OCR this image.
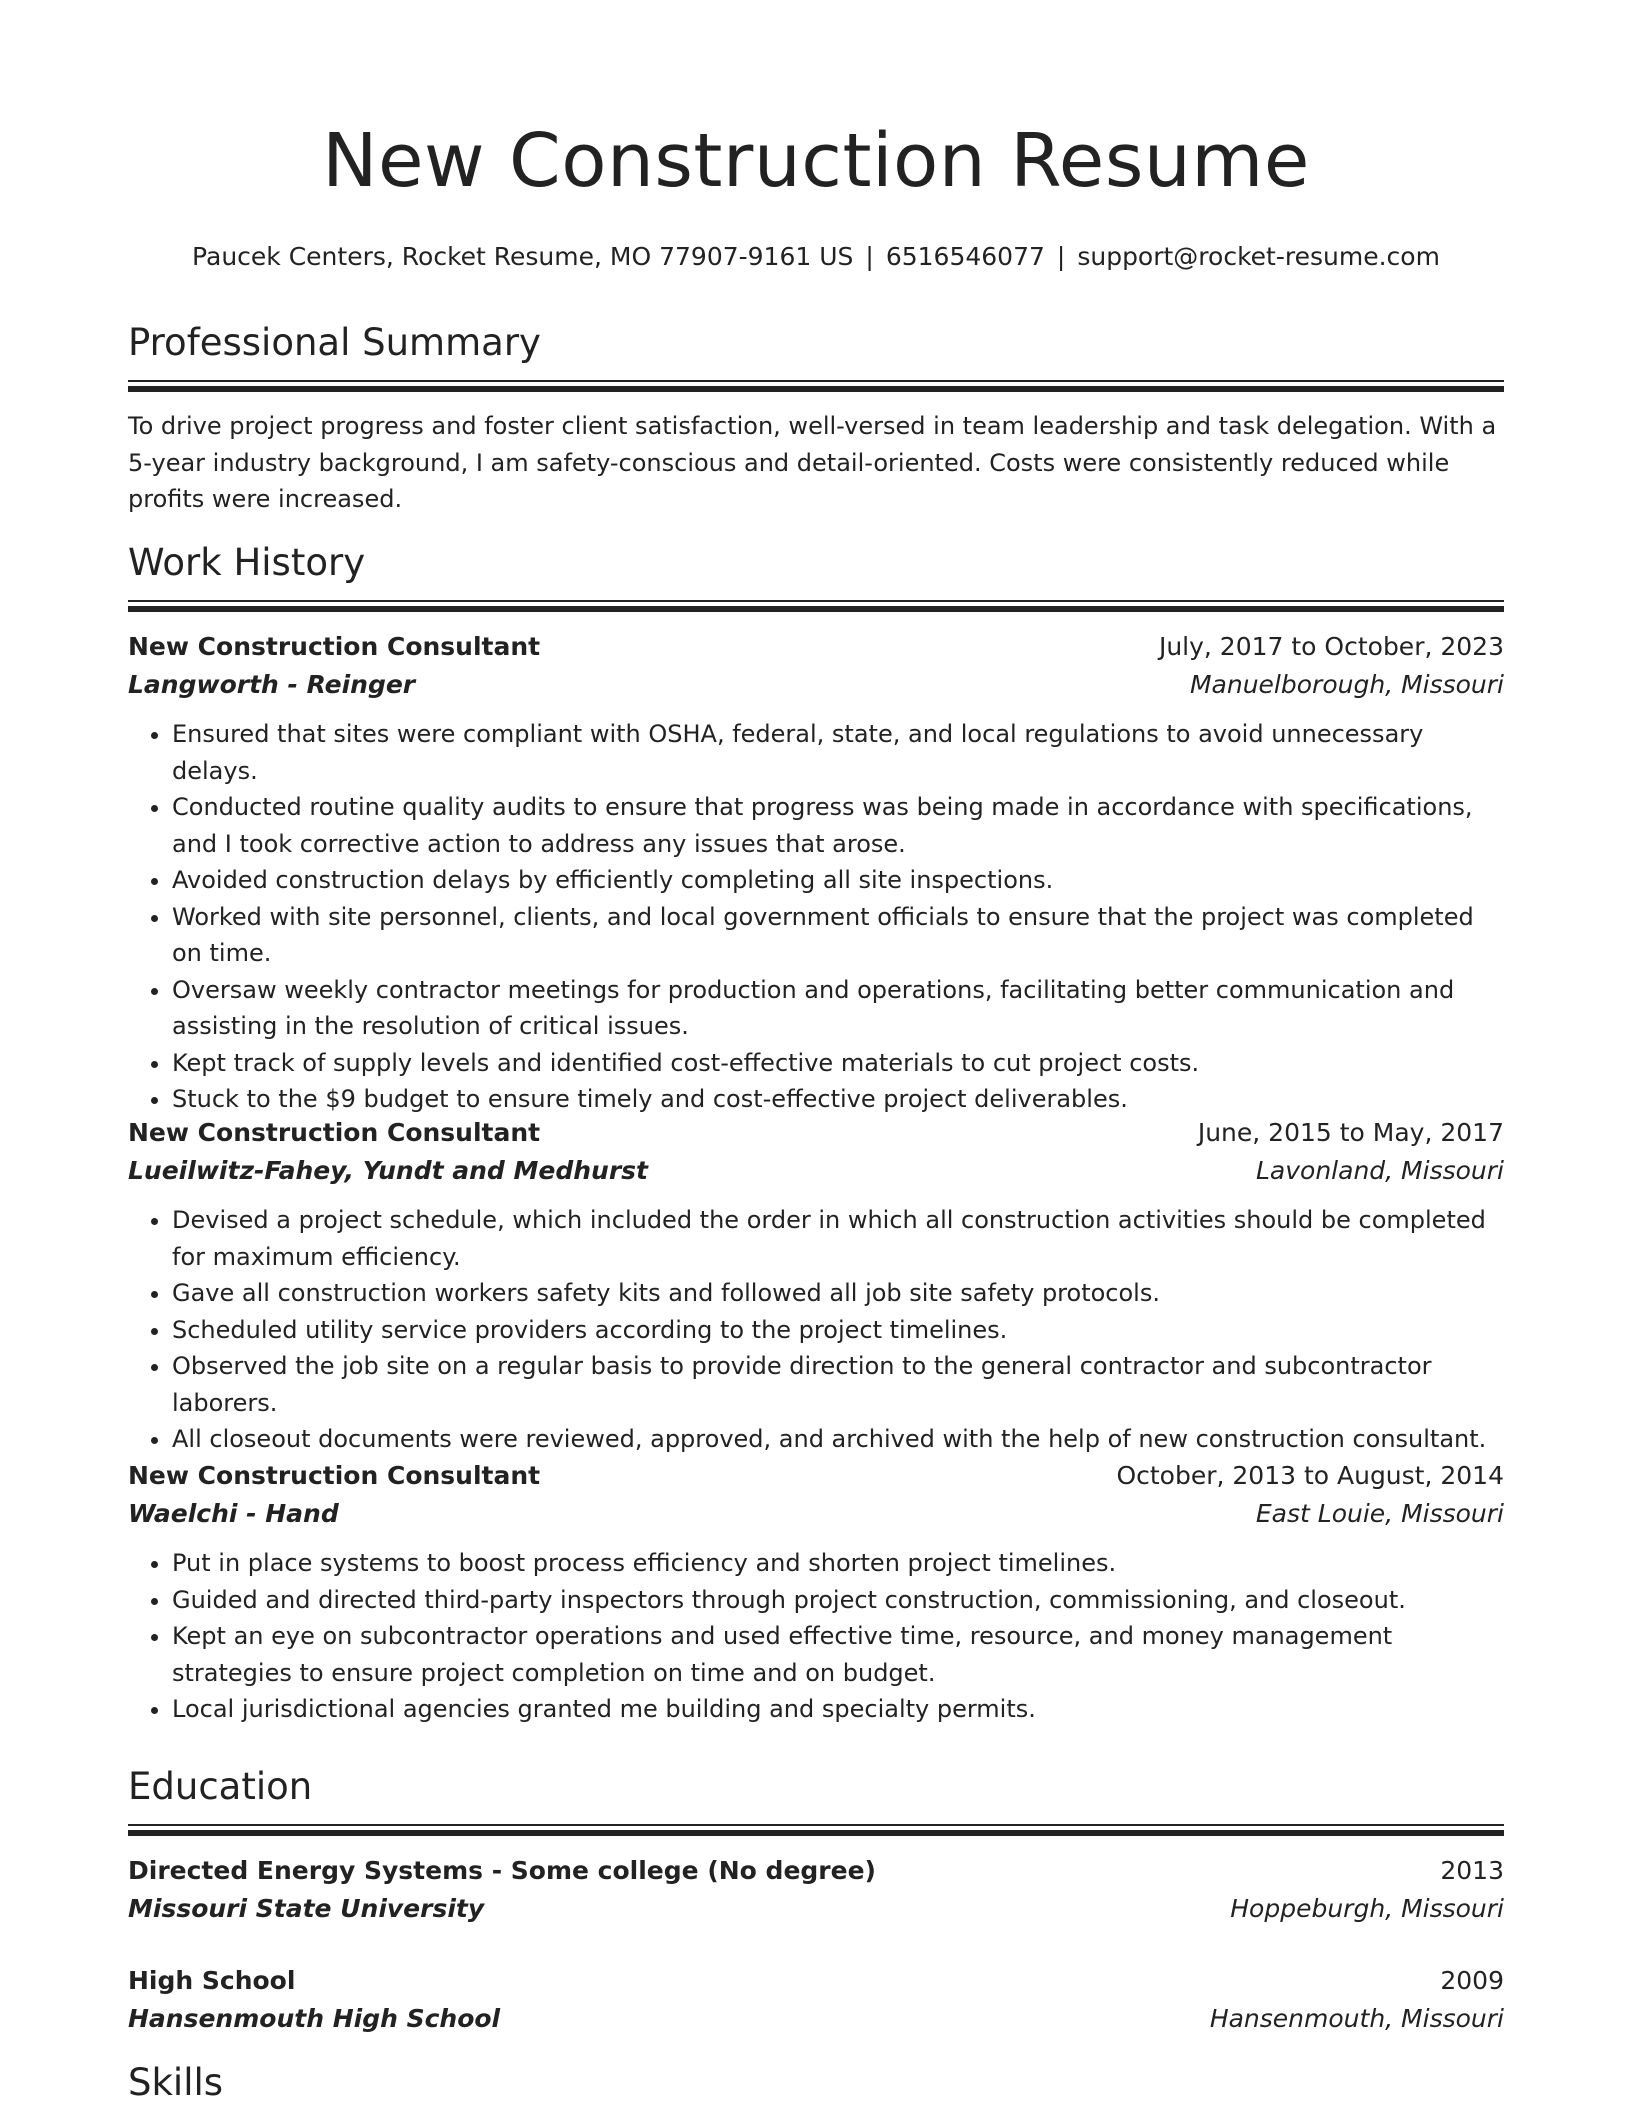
New Construction Resume
Paucek Centers, Rocket Resume, MO 77907-9161 US | 6516546077 | support@rocket-resume.com
Professional Summary
To drive project progress and foster client satisfaction, well-versed in team leadership and task delegation. With a 5-year industry background, I am safety-conscious and detail-oriented. Costs were consistently reduced while profits were increased.
Work History
New Construction Consultant	July, 2017 to October, 2023
Langworth - Reinger	Manuelborough, Missouri
• Ensured that sites were compliant with OSHA, federal, state, and local regulations to avoid unnecessary delays.
• Conducted routine quality audits to ensure that progress was being made in accordance with specifications, and I took corrective action to address any issues that arose.
• Avoided construction delays by efficiently completing all site inspections.
• Worked with site personnel, clients, and local government officials to ensure that the project was completed on time.
• Oversaw weekly contractor meetings for production and operations, facilitating better communication and assisting in the resolution of critical issues.
• Kept track of supply levels and identified cost-effective materials to cut project costs.
• Stuck to the $9 budget to ensure timely and cost-effective project deliverables.
New Construction Consultant	June, 2015 to May, 2017
Lueilwitz-Fahey, Yundt and Medhurst	Lavonland, Missouri
• Devised a project schedule, which included the order in which all construction activities should be completed for maximum efficiency.
• Gave all construction workers safety kits and followed all job site safety protocols.
• Scheduled utility service providers according to the project timelines.
• Observed the job site on a regular basis to provide direction to the general contractor and subcontractor laborers.
• All closeout documents were reviewed, approved, and archived with the help of new construction consultant.
New Construction Consultant	October, 2013 to August, 2014
Waelchi - Hand	East Louie, Missouri
• Put in place systems to boost process efficiency and shorten project timelines.
• Guided and directed third-party inspectors through project construction, commissioning, and closeout.
• Kept an eye on subcontractor operations and used effective time, resource, and money management strategies to ensure project completion on time and on budget.
• Local jurisdictional agencies granted me building and specialty permits.
Education
Directed Energy Systems - Some college (No degree)	2013
Missouri State University	Hoppeburgh, Missouri
High School	2009
Hansenmouth High School	Hansenmouth, Missouri
Skills
